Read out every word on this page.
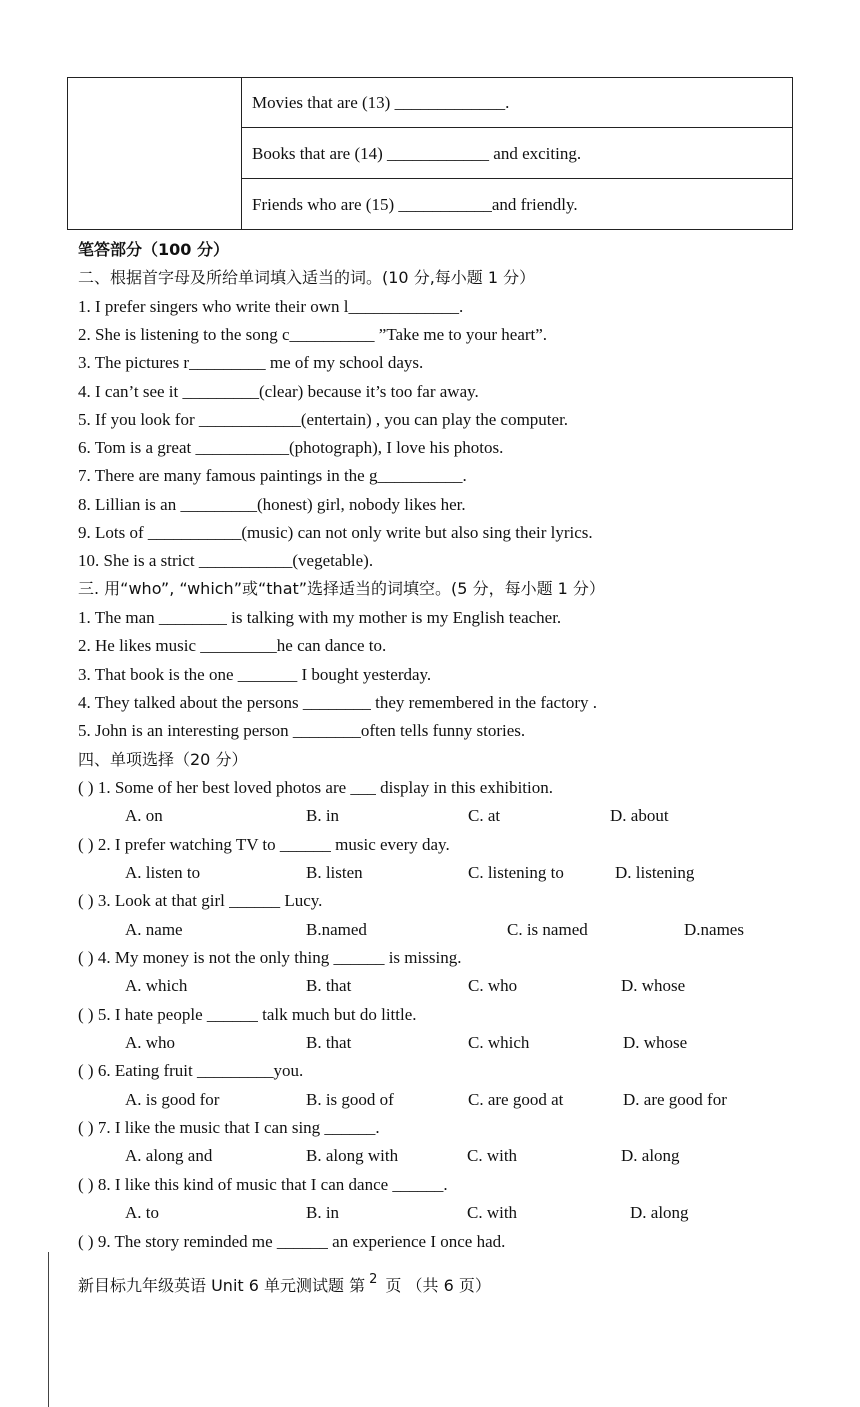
Movies that are (13) _____________.
Books that are (14) ____________ and exciting.
Friends who are (15) ___________and friendly.
笔答部分（100 分）
二、根据首字母及所给单词填入适当的词。(10 分,每小题 1 分）
1. I prefer singers who write their own l_____________.
2. She is listening to the song c__________ ”Take me to your heart”.
3. The pictures r_________ me of my school days.
4. I can’t see it _________(clear) because it’s too far away.
5. If you look for ____________(entertain) , you can play the computer.
6. Tom is a great ___________(photograph), I love his photos.
7. There are many famous paintings in the g__________.
8. Lillian is an _________(honest) girl, nobody likes her.
9. Lots of ___________(music) can not only write but also sing their lyrics.
10. She is a strict ___________(vegetable).
三. 用“who”, “which”或“that”选择适当的词填空。(5 分，每小题 1 分）
1. The man ________ is talking with my mother is my English teacher.
2. He likes music _________he can dance to.
3. That book is the one _______ I bought yesterday.
4. They talked about the persons ________ they remembered in the factory .
5. John is an interesting person ________often tells funny stories.
四、单项选择（20 分）
( ) 1. Some of her best loved photos are ___ display in this exhibition.
A. on	B. in	C. at	D. about
( ) 2. I prefer watching TV to ______ music every day.
A. listen to	B. listen	C. listening to	D. listening
( ) 3. Look at that girl ______ Lucy.
A. name	B.named	C. is named	D.names
( ) 4. My money is not the only thing ______ is missing.
A. which	B. that	C. who	D. whose
( ) 5. I hate people ______ talk much but do little.
A. who	B. that	C. which	D. whose
( ) 6. Eating fruit _________you.
A. is good for	B. is good of	C. are good at	D. are good for
( ) 7. I like the music that I can sing ______.
A. along and	B. along with	C. with	D. along
( ) 8. I like this kind of music that I can dance ______.
A. to	B. in	C. with	D. along
( ) 9. The story reminded me ______ an experience I once had.
新目标九年级英语 Unit 6 单元测试题 第 $^2$ 页 （共 6 页）
